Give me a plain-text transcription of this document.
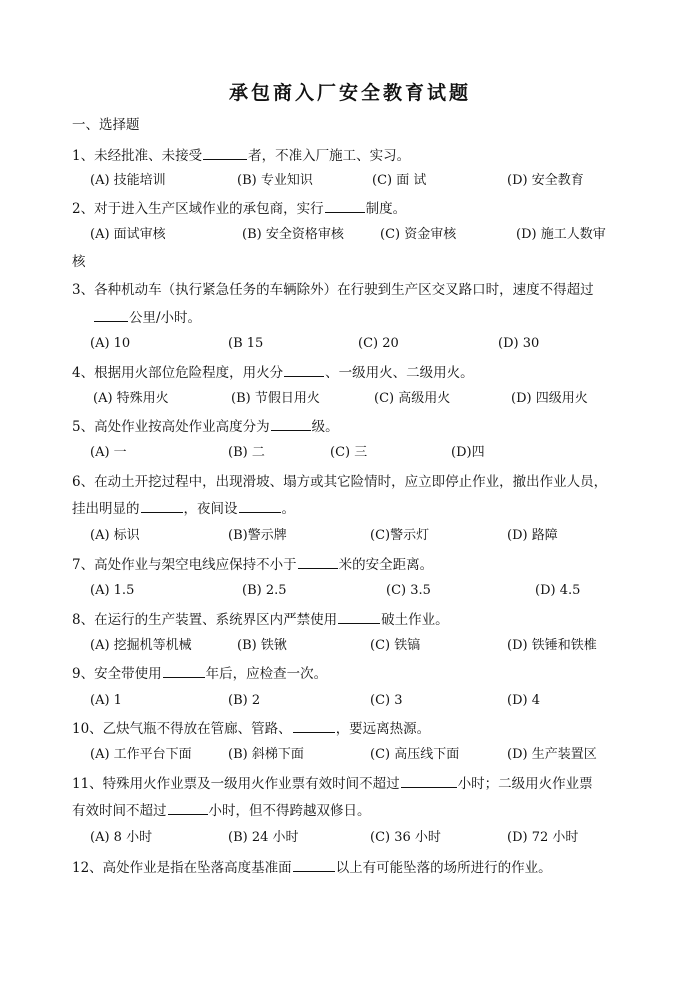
承包商入厂安全教育试题
一、选择题
1、未经批准、未接受	者，不准入厂施工、实习。
(A) 技能培训	(B) 专业知识	(C) 面 试	(D) 安全教育
2、对于进入生产区域作业的承包商，实行	制度。
(A) 面试审核	(B) 安全资格审核	(C) 资金审核	(D) 施工人数审
核
3、各种机动车（执行紧急任务的车辆除外）在行驶到生产区交叉路口时，速度不得超过
公里/小时。
(A) 10	(B 15	(C) 20	(D) 30
4、根据用火部位危险程度，用火分	、一级用火、二级用火。
(A) 特殊用火	(B) 节假日用火	(C) 高级用火	(D) 四级用火
5、高处作业按高处作业高度分为	级。
(A) 一	(B) 二	(C) 三	(D)四
6、在动土开挖过程中，出现滑坡、塌方或其它险情时，应立即停止作业，撤出作业人员，
挂出明显的	，夜间设	。
(A) 标识	(B)警示牌	(C)警示灯	(D) 路障
7、高处作业与架空电线应保持不小于	米的安全距离。
(A) 1.5	(B) 2.5	(C) 3.5	(D) 4.5
8、在运行的生产装置、系统界区内严禁使用	破土作业。
(A) 挖掘机等机械	(B) 铁锹	(C) 铁镐	(D) 铁锤和铁椎
9、安全带使用	年后，应检查一次。
(A) 1	(B) 2	(C) 3	(D) 4
10、乙炔气瓶不得放在管廊、管路、	，要远离热源。
(A) 工作平台下面	(B) 斜梯下面	(C) 高压线下面	(D) 生产装置区
11、特殊用火作业票及一级用火作业票有效时间不超过	小时；二级用火作业票
有效时间不超过	小时，但不得跨越双修日。
(A) 8 小时	(B) 24 小时	(C) 36 小时	(D) 72 小时
12、高处作业是指在坠落高度基准面	以上有可能坠落的场所进行的作业。
